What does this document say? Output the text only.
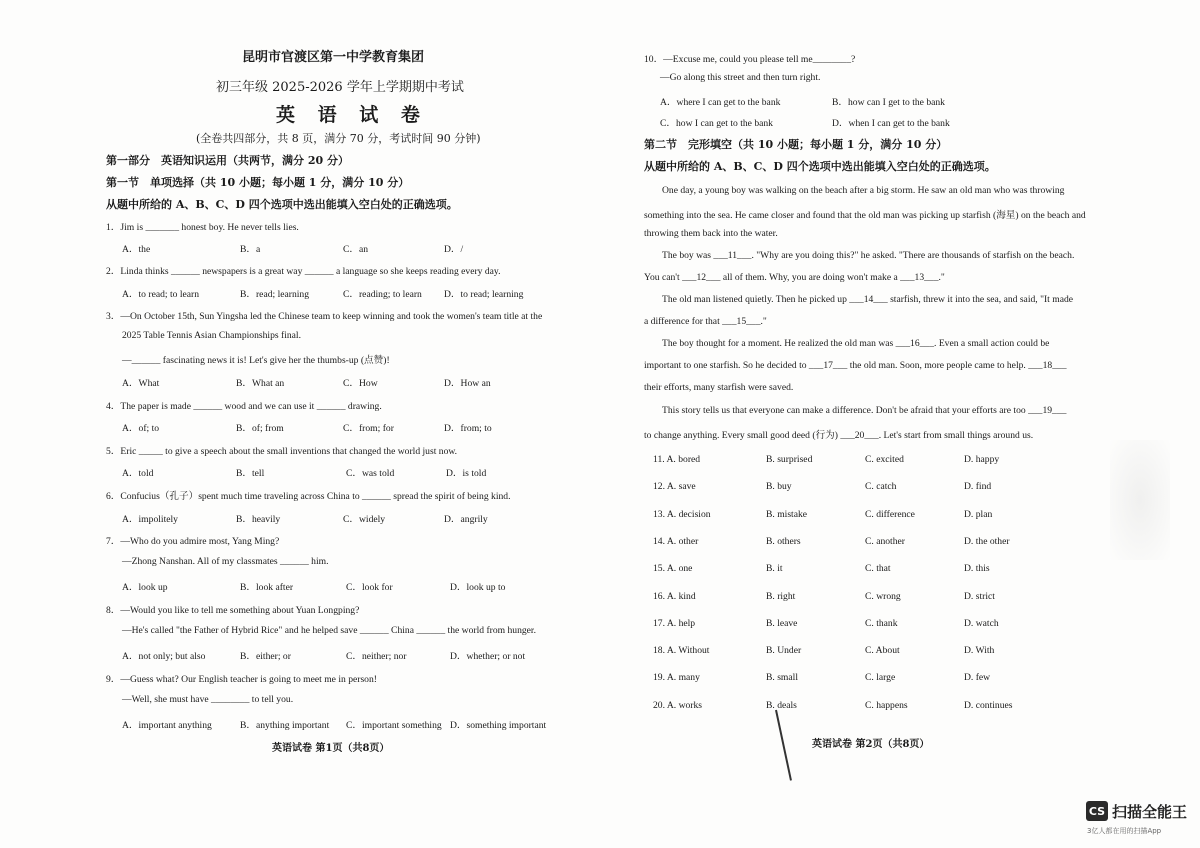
昆明市官渡区第一中学教育集团
初三年级 2025-2026 学年上学期期中考试
英 语 试 卷
(全卷共四部分，共 8 页，满分 70 分，考试时间 90 分钟)
第一部分　英语知识运用（共两节，满分 20 分）
第一节　单项选择（共 10 小题；每小题 1 分，满分 10 分）
从题中所给的 A、B、C、D 四个选项中选出能填入空白处的正确选项。
1．Jim is _______ honest boy. He never tells lies.
A．the	B．a	C．an	D．/
2．Linda thinks ______ newspapers is a great way ______ a language so she keeps reading every day.
A．to read; to learn	B．read; learning	C．reading; to learn D．to read; learning
3．—On October 15th, Sun Yingsha led the Chinese team to keep winning and took the women's team title at the
2025 Table Tennis Asian Championships final.
—______ fascinating news it is! Let's give her the thumbs-up (点赞)!
A．What	B．What an	C．How	D．How an
4．The paper is made ______ wood and we can use it ______ drawing.
A．of; to	B．of; from	C．from; for	D．from; to
5．Eric _____ to give a speech about the small inventions that changed the world just now.
A．told	B．tell	C．was told	D．is told
6．Confucius（孔子）spent much time traveling across China to ______ spread the spirit of being kind.
A．impolitely	B．heavily	C．widely	D．angrily
7．—Who do you admire most, Yang Ming?
—Zhong Nanshan. All of my classmates ______ him.
A．look up	B．look after	C．look for	D．look up to
8．—Would you like to tell me something about Yuan Longping?
—He's called "the Father of Hybrid Rice" and he helped save ______ China ______ the world from hunger.
A．not only; but also	B．either; or	C．neither; nor	D．whether; or not
9．—Guess what? Our English teacher is going to meet me in person!
—Well, she must have ________ to tell you.
A．important anything	B．anything important C．important something D．something important
英语试卷 第1页（共8页）
10．—Excuse me, could you please tell me________?
—Go along this street and then turn right.
A．where I can get to the bank	B．how can I get to the bank
C．how I can get to the bank	D．when I can get to the bank
第二节　完形填空（共 10 小题；每小题 1 分，满分 10 分）
从题中所给的 A、B、C、D 四个选项中选出能填入空白处的正确选项。
One day, a young boy was walking on the beach after a big storm. He saw an old man who was throwing
something into the sea. He came closer and found that the old man was picking up starfish (海星) on the beach and
throwing them back into the water.
The boy was ___11___. "Why are you doing this?" he asked. "There are thousands of starfish on the beach.
You can't ___12___ all of them. Why, you are doing won't make a ___13___."
The old man listened quietly. Then he picked up ___14___ starfish, threw it into the sea, and said, "It made
a difference for that ___15___."
The boy thought for a moment. He realized the old man was ___16___. Even a small action could be
important to one starfish. So he decided to ___17___ the old man. Soon, more people came to help. ___18___
their efforts, many starfish were saved.
This story tells us that everyone can make a difference. Don't be afraid that your efforts are too ___19___
to change anything. Every small good deed (行为) ___20___. Let's start from small things around us.
11. A. bored	B. surprised	C. excited	D. happy
12. A. save	B. buy	C. catch	D. find
13. A. decision	B. mistake	C. difference	D. plan
14. A. other	B. others	C. another	D. the other
15. A. one	B. it	C. that	D. this
16. A. kind	B. right	C. wrong	D. strict
17. A. help	B. leave	C. thank	D. watch
18. A. Without	B. Under	C. About	D. With
19. A. many	B. small	C. large	D. few
20. A. works	B. deals	C. happens	D. continues
英语试卷 第2页（共8页）
CS 扫描全能王
3亿人都在用的扫描App
